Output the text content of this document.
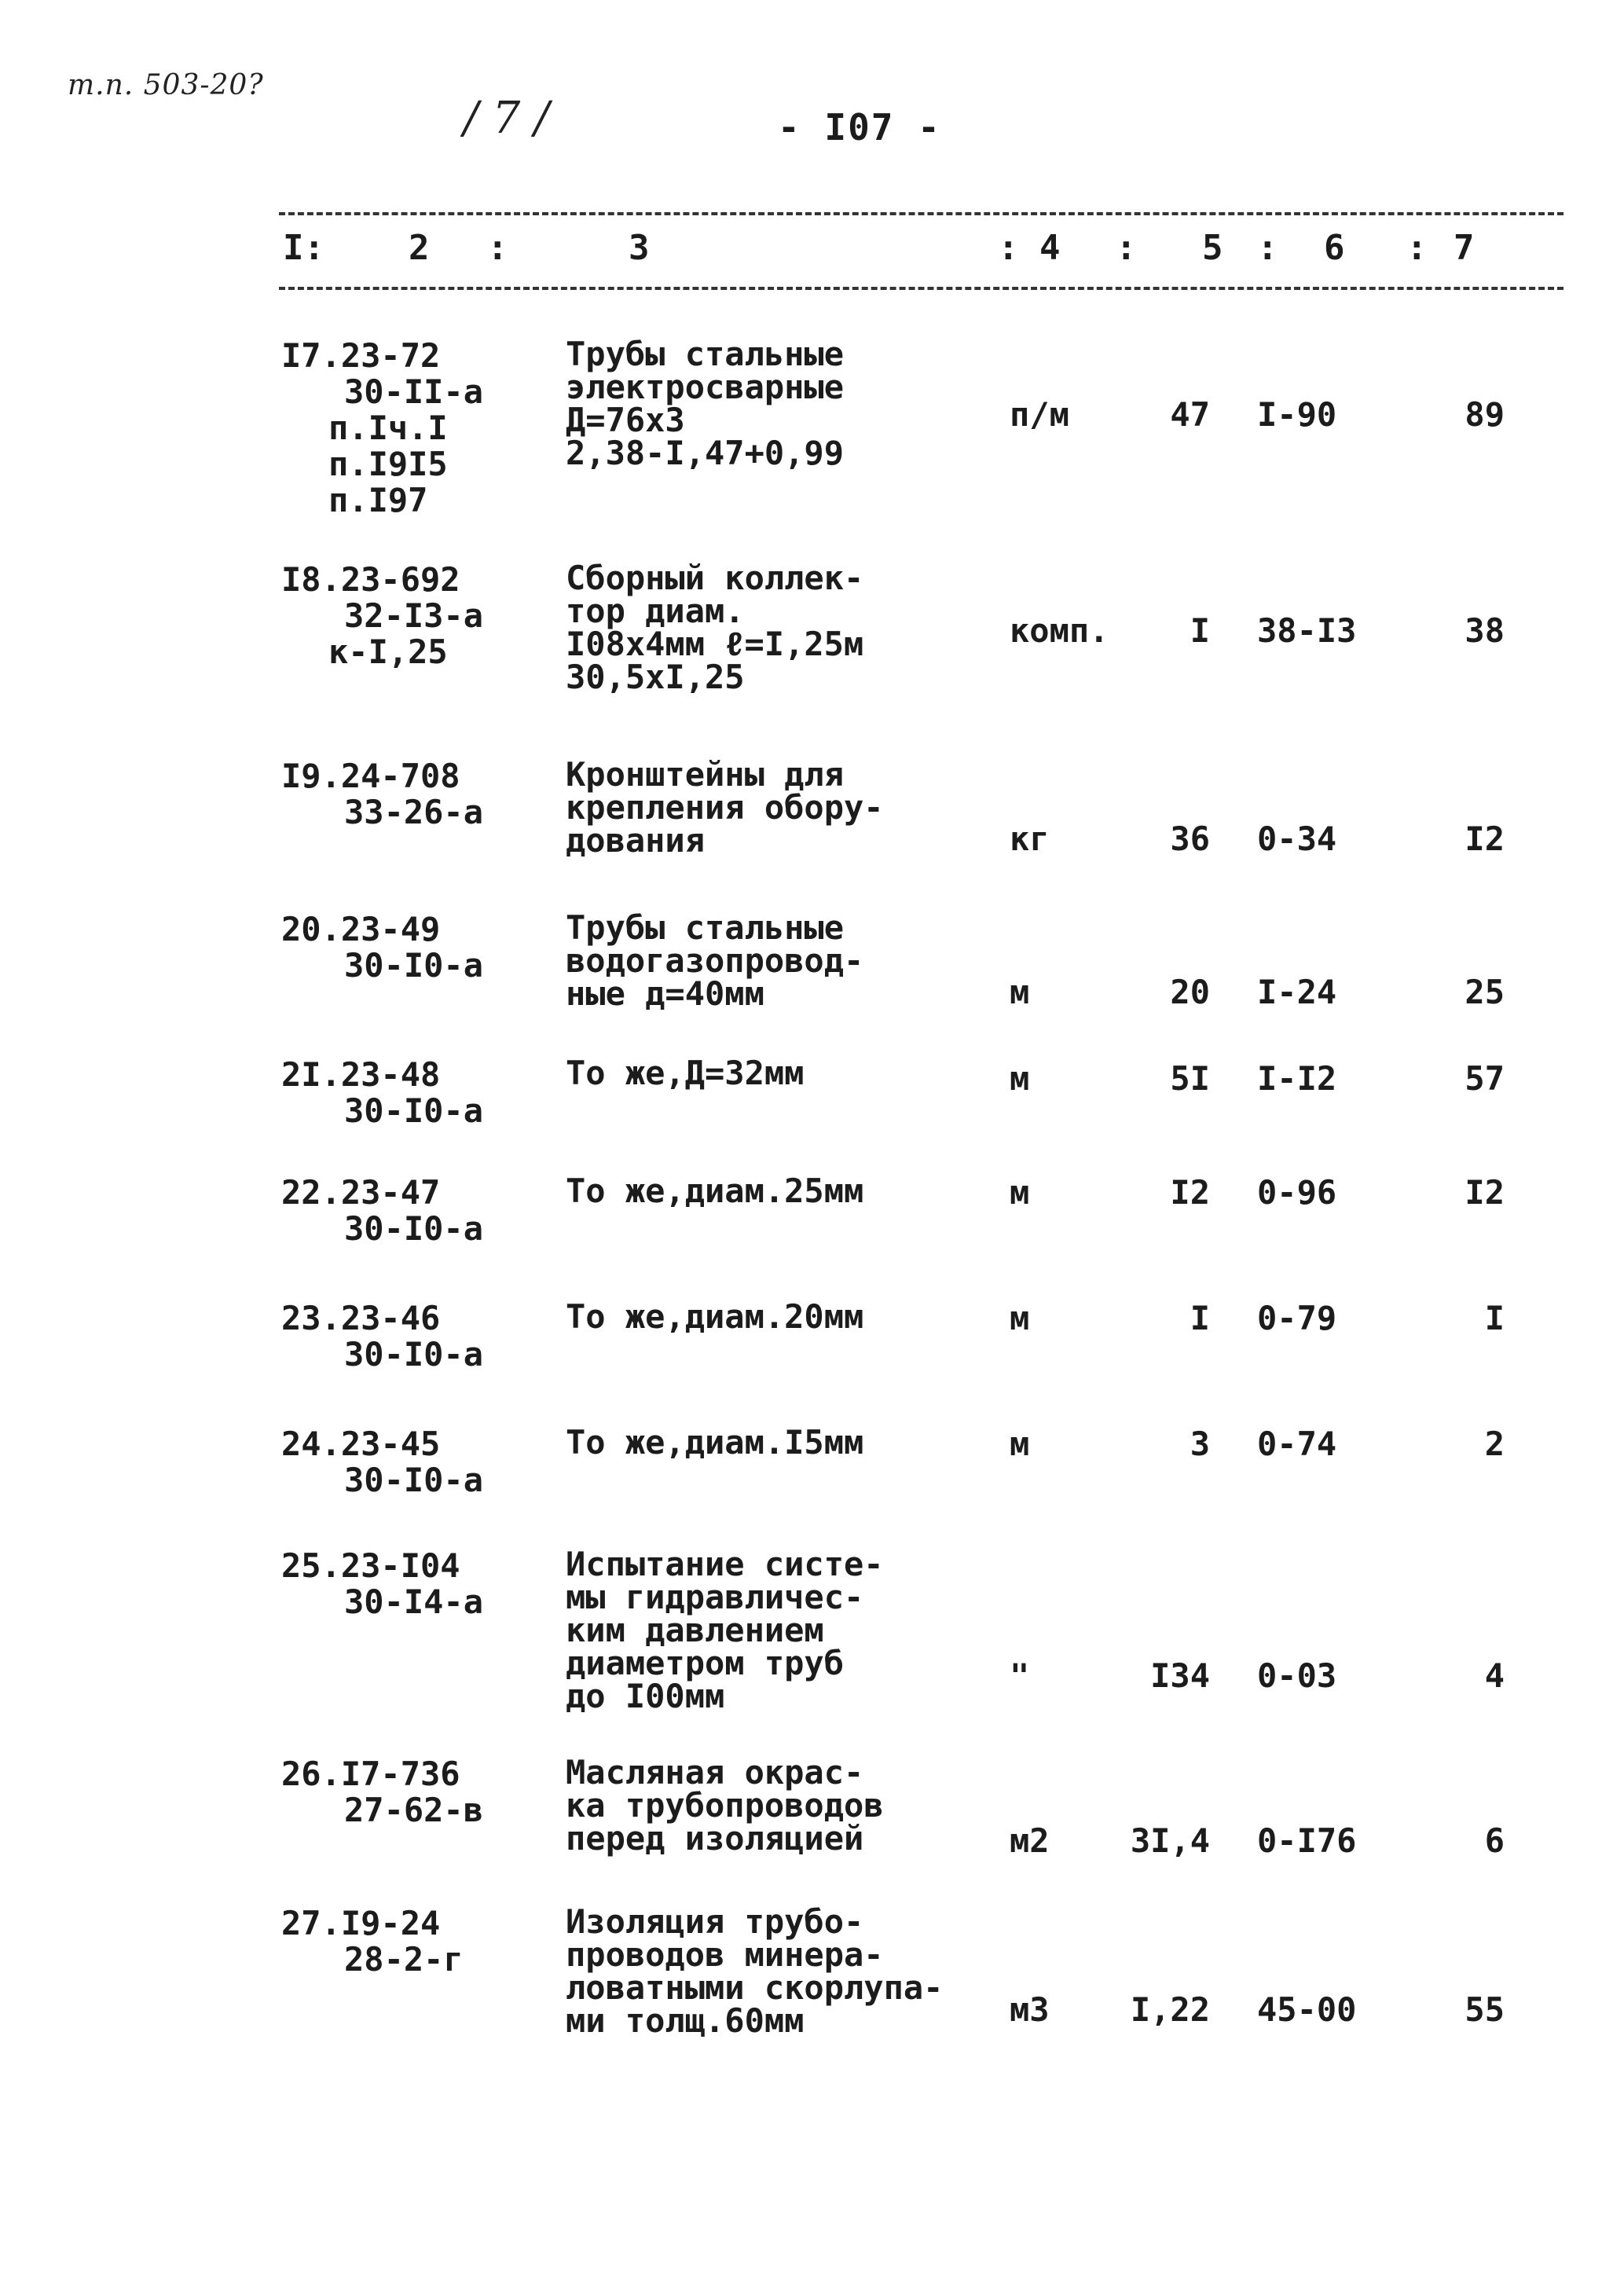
т.п. 503-20?
/ 7 /	- I07 -
I: 2 :	3	: 4 : 5 : 6 : 7
I7.23-72
30-II-a
п.Iч.I
п.I9I5
п.I97
Трубы стальные
электросварные
Д=76х3
2,38-I,47+0,99
п/м	47 I-90	89
I8.23-692
32-I3-a
к-I,25
Сборный коллек-
тор диам.
I08x4мм ℓ=I,25м
30,5хI,25
комп.	I 38-I3	38
I9.24-708
33-26-a
Кронштейны для
крепления обору-
дования	кг	36 0-34	I2
20.23-49
30-I0-a
Трубы стальные
водогазопровод-
ные д=40мм	м	20 I-24	25
2I.23-48
30-I0-a
То же,Д=32мм	м	5I I-I2	57
22.23-47
30-I0-a
То же,диам.25мм	м	I2 0-96	I2
23.23-46
30-I0-a
То же,диам.20мм	м	I 0-79	I
24.23-45
30-I0-a
То же,диам.I5мм	м	3 0-74	2
25.23-I04
30-I4-a
Испытание систе-
мы гидравличес-
ким давлением
диаметром труб
до I00мм
"	I34 0-03	4
26.I7-736
27-62-в
Масляная окрас-
ка трубопроводов
перед изоляцией	м2	3I,4 0-I76	6
27.I9-24
28-2-г
Изоляция трубо-
проводов минера-
ловатными скорлупа-
ми толщ.60мм	м3	I,22 45-00	55
